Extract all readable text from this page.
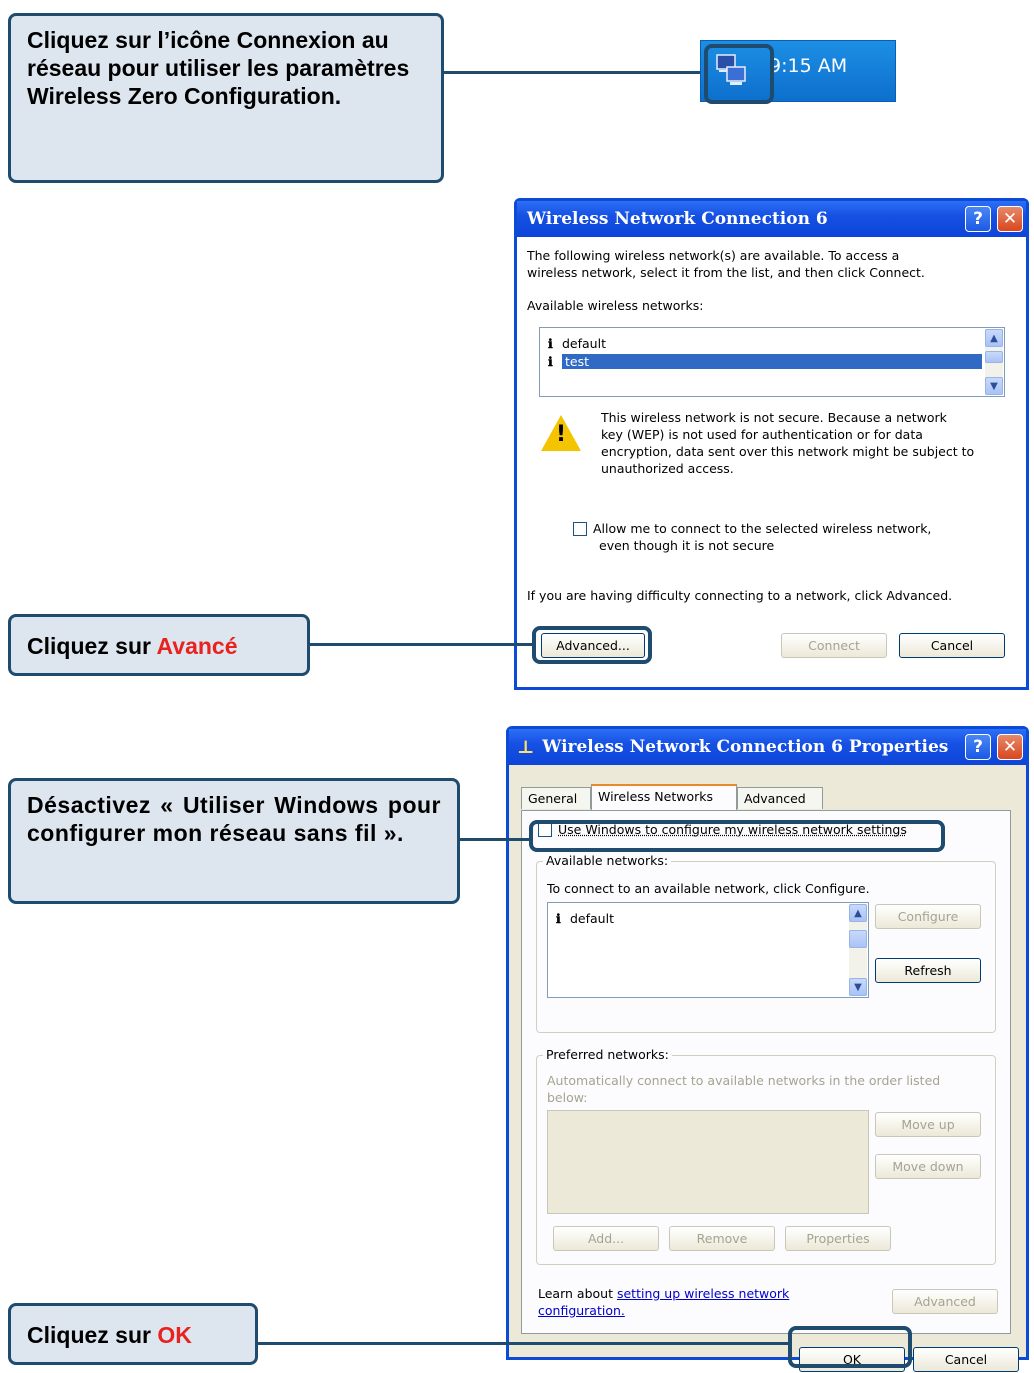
Cliquez sur l’icône Connexion au réseau pour utiliser les paramètres Wireless Zero Configuration.
9:15 AM
Wireless Network Connection 6	?	✕
The following wireless network(s) are available. To access a
wireless network, select it from the list, and then click Connect.
Available wireless networks:
ℹ default
ℹ test
▲
▼
!
This wireless network is not secure. Because a network
key (WEP) is not used for authentication or for data
encryption, data sent over this network might be subject to
unauthorized access.
Allow me to connect to the selected wireless network,
even though it is not secure
If you are having difficulty connecting to a network, click Advanced.
Advanced...	Connect	Cancel
Cliquez sur Avancé
⊥ Wireless Network Connection 6 Properties	?	✕
General	Wireless Networks	Advanced
Use Windows to configure my wireless network settings
Available networks:
To connect to an available network, click Configure.
ℹ default	▲
▼
Configure
Refresh
Preferred networks:
Automatically connect to available networks in the order listed
below:
Move up
Move down
Add...	Remove	Properties
Learn about setting up wireless network
configuration.
Advanced
OK	Cancel
Désactivez « Utiliser Windows pour configurer mon réseau sans fil ».
Cliquez sur OK
